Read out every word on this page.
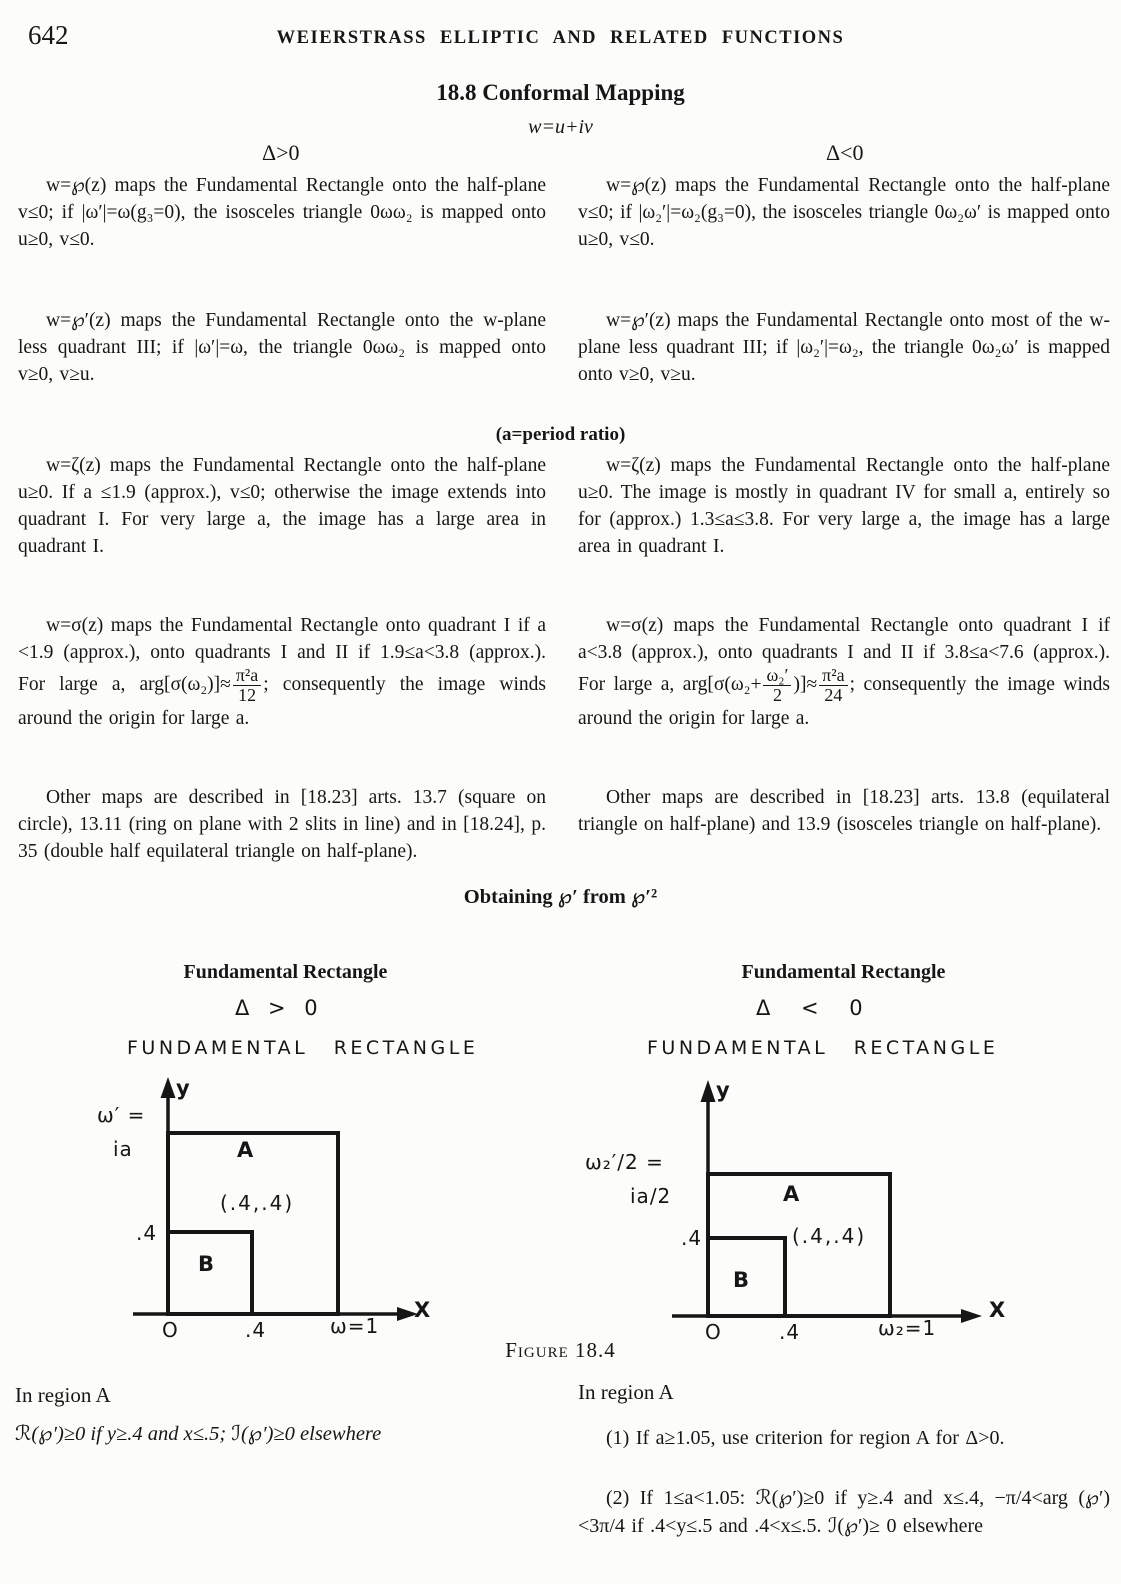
642	WEIERSTRASS ELLIPTIC AND RELATED FUNCTIONS
18.8 Conformal Mapping
w=u+iv
Δ>0	Δ<0

w=℘(z) maps the Fundamental Rectangle onto the half-plane v≤0; if |ω′|=ω(g₃=0), the isosceles triangle 0ωω₂ is mapped onto u≥0, v≤0.

w=℘′(z) maps the Fundamental Rectangle onto the w-plane less quadrant III; if |ω′|=ω, the triangle 0ωω₂ is mapped onto v≥0, v≥u.

w=ζ(z) maps the Fundamental Rectangle onto the half-plane u≥0. If a ≤1.9 (approx.), v≤0; otherwise the image extends into quadrant I. For very large a, the image has a large area in quadrant I.

w=σ(z) maps the Fundamental Rectangle onto quadrant I if a <1.9 (approx.), onto quadrants I and II if 1.9≤a<3.8 (approx.). For large a, $arg[\sigma(\omega_2)]\approx \frac{\text{π²a}}{12}$ ; consequently the image winds around the origin for large a.

Other maps are described in [18.23] arts. 13.7 (square on circle), 13.11 (ring on plane with 2 slits in line) and in [18.24], p. 35 (double half equilateral triangle on half-plane).

w=℘(z) maps the Fundamental Rectangle onto the half-plane v≤0; if |ω₂′|=ω₂(g₃=0), the isosceles triangle 0ω₂ω′ is mapped onto u≥0, v≤0.

w=℘′(z) maps the Fundamental Rectangle onto most of the w-plane less quadrant III; if |ω₂′|=ω₂, the triangle 0ω₂ω′ is mapped onto v≥0, v≥u.

w=ζ(z) maps the Fundamental Rectangle onto the half-plane u≥0. The image is mostly in quadrant IV for small a, entirely so for (approx.) 1.3≤a≤3.8. For very large a, the image has a large area in quadrant I.

w=σ(z) maps the Fundamental Rectangle onto quadrant I if a<3.8 (approx.), onto quadrants I and II if 3.8≤a<7.6 (approx.). For large a, $arg[\sigma(\omega_2+ \frac{\text{ω₂′}}{2}$ )]≈ $\frac{\text{π²a}}{24}$ ; consequently the image winds around the origin for large a.

Other maps are described in [18.23] arts. 13.8 (equilateral triangle on half-plane) and 13.9 (isosceles triangle on half-plane).

(a=period ratio)
Obtaining ℘′ from ℘′²
Fundamental Rectangle
Δ > 0
FUNDAMENTAL RECTANGLE
y
X
ω′ =
ia	A
B
(.4,.4)
.4
O	.4	ω=1
Fundamental Rectangle
Δ < 0
FUNDAMENTAL RECTANGLE
y
X
ω₂′/2 =
ia/2	A
B
(.4,.4)
.4
O	.4	ω₂=1
Figure 18.4
In region A
ℛ(℘′)≥0 if y≥.4 and x≤.5; ℐ(℘′)≥0 elsewhere
In region A

(1) If a≥1.05, use criterion for region A for Δ>0.

(2) If 1≤a<1.05: ℛ(℘′)≥0 if y≥.4 and x≤.4, −π/4<arg (℘′)<3π/4 if .4<y≤.5 and .4<x≤.5. ℐ(℘′)≥ 0 elsewhere
